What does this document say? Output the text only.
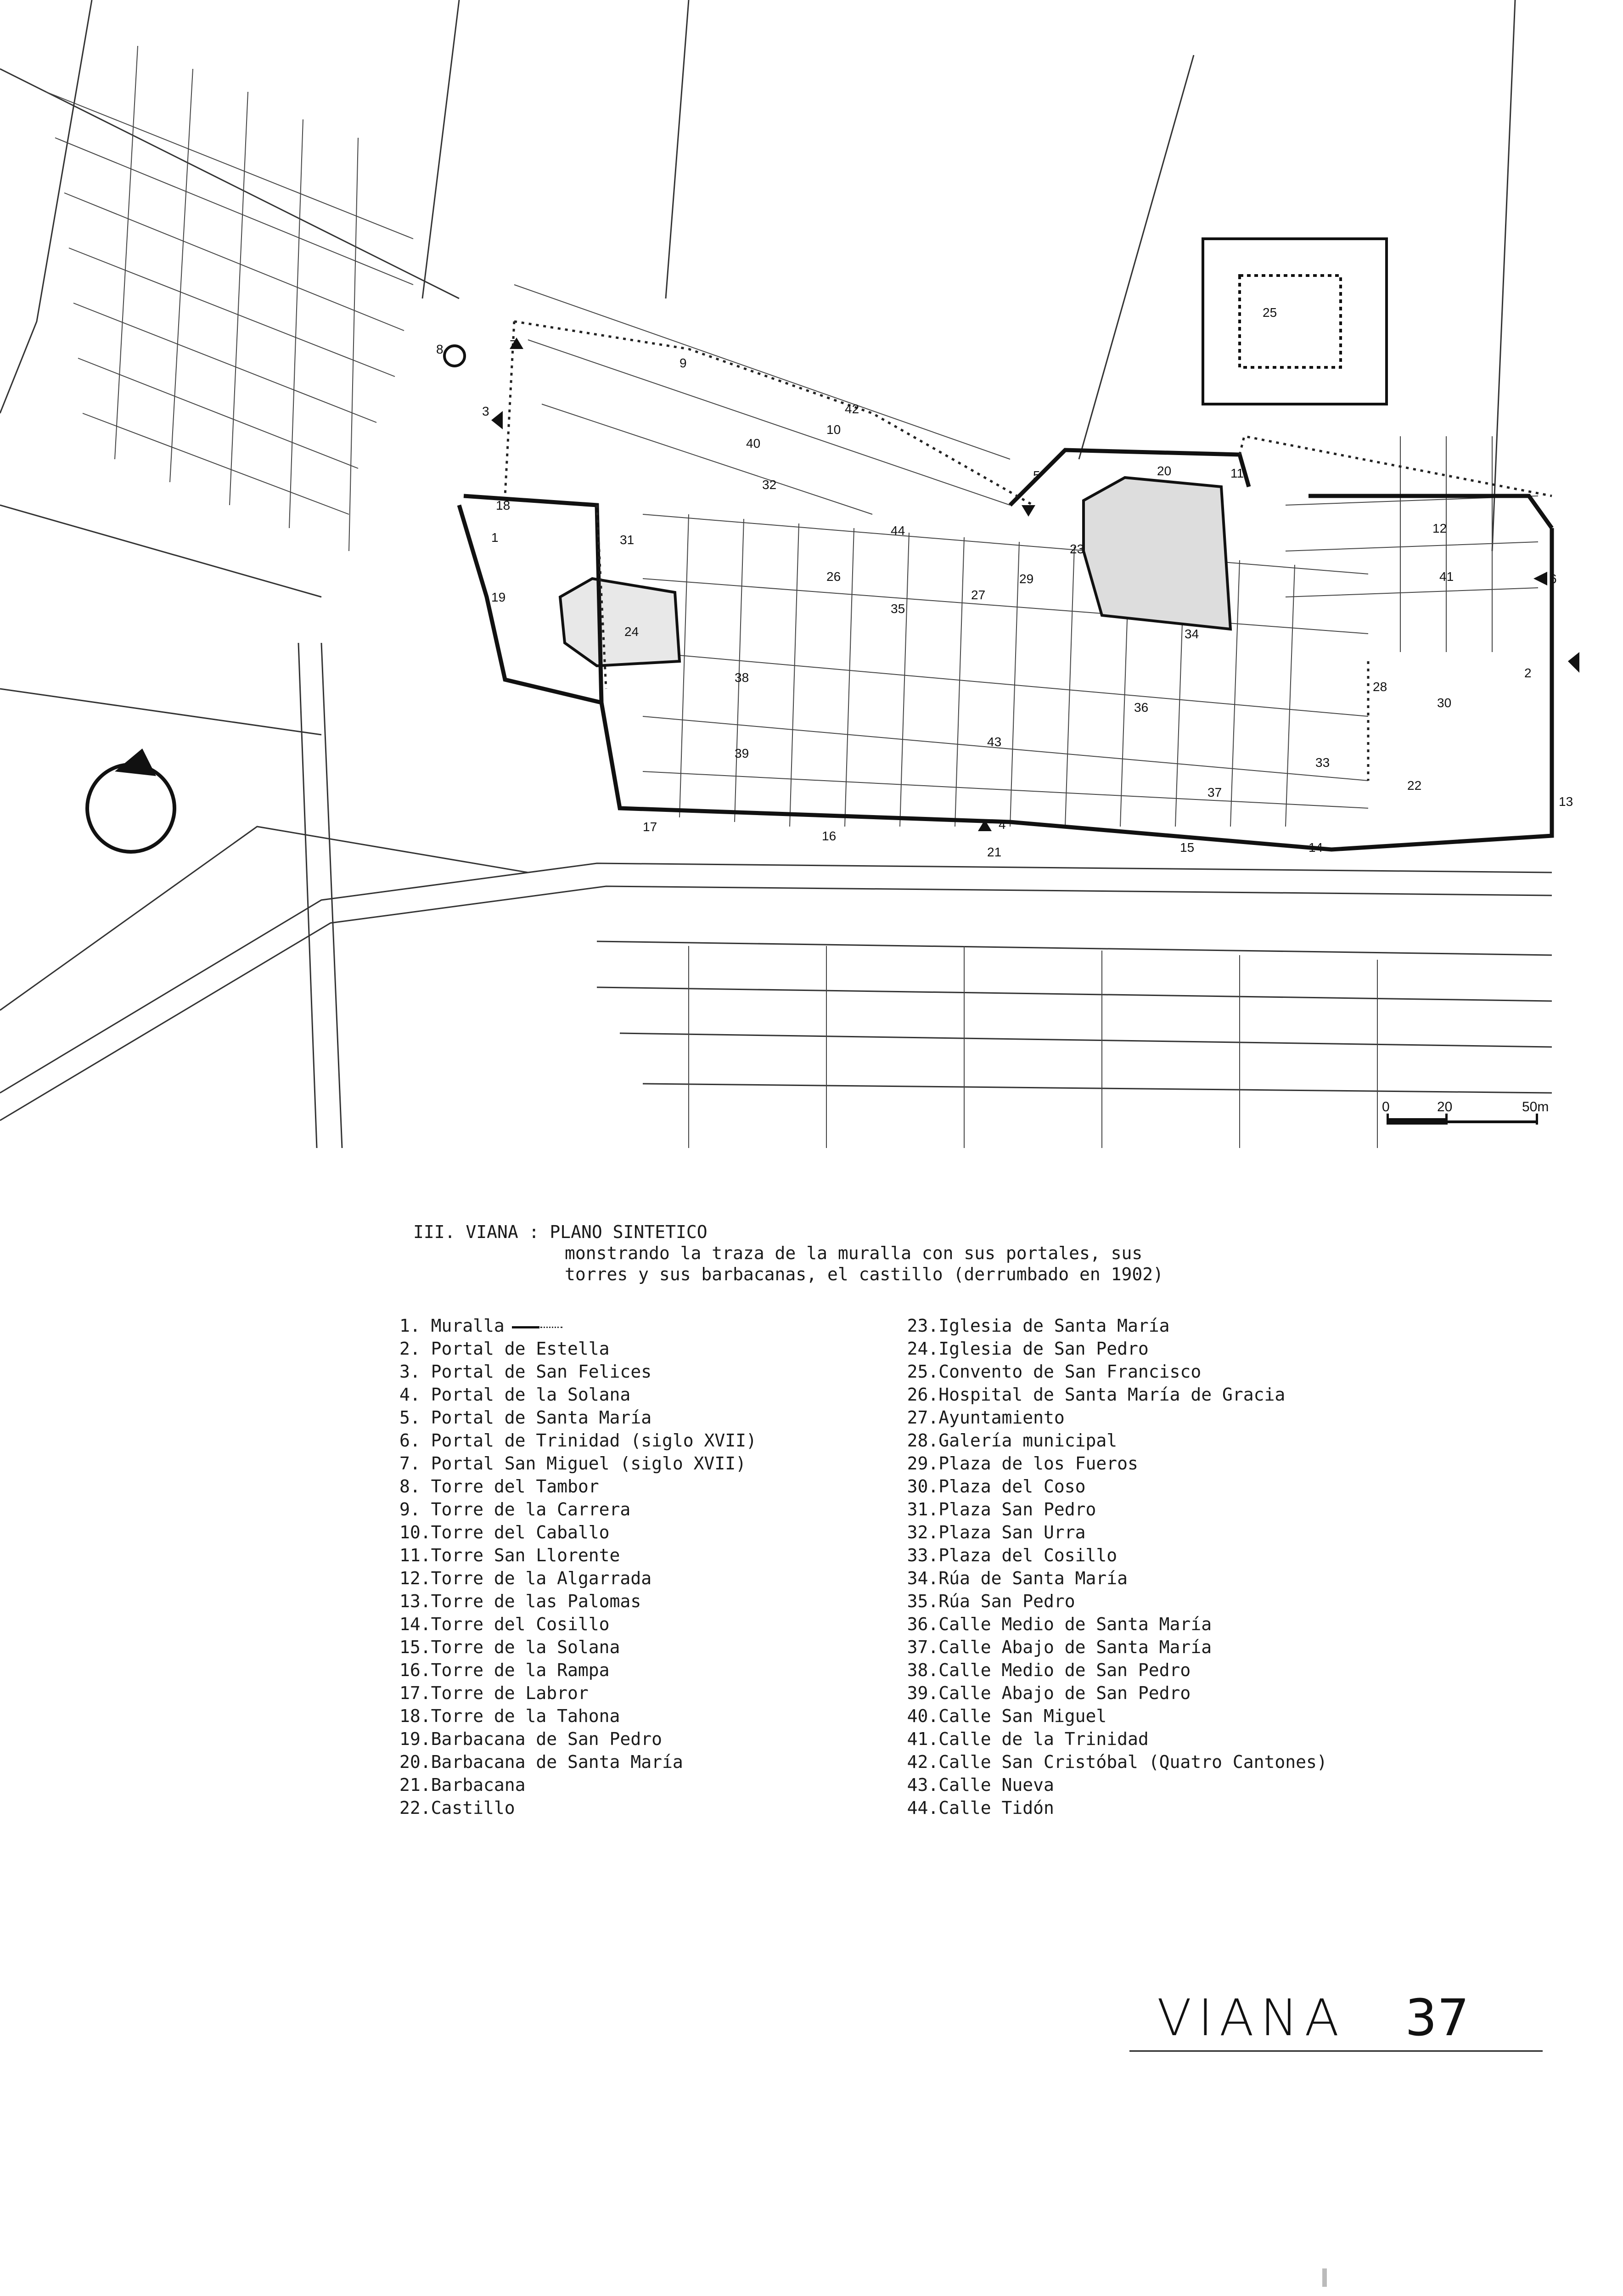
1
2
3
4
5
6
7
8
9
10
11
12
13
14
15
16
17
18
19
20
21
22
23
24
25
26
27
28
29
30
31
32
33
34
35
36
37
38
39
40
41
42
43
44
0	20	50m
III. VIANA : PLANO SINTETICO
monstrando la traza de la muralla con sus portales, sus
torres y sus barbacanas, el castillo (derrumbado en 1902)
1. Muralla
2. Portal de Estella
3. Portal de San Felices
4. Portal de la Solana
5. Portal de Santa María
6. Portal de Trinidad (siglo XVII)
7. Portal San Miguel (siglo XVII)
8. Torre del Tambor
9. Torre de la Carrera
10.Torre del Caballo
11.Torre San Llorente
12.Torre de la Algarrada
13.Torre de las Palomas
14.Torre del Cosillo
15.Torre de la Solana
16.Torre de la Rampa
17.Torre de Labror
18.Torre de la Tahona
19.Barbacana de San Pedro
20.Barbacana de Santa María
21.Barbacana
22.Castillo
23.Iglesia de Santa María
24.Iglesia de San Pedro
25.Convento de San Francisco
26.Hospital de Santa María de Gracia
27.Ayuntamiento
28.Galería municipal
29.Plaza de los Fueros
30.Plaza del Coso
31.Plaza San Pedro
32.Plaza San Urra
33.Plaza del Cosillo
34.Rúa de Santa María
35.Rúa San Pedro
36.Calle Medio de Santa María
37.Calle Abajo de Santa María
38.Calle Medio de San Pedro
39.Calle Abajo de San Pedro
40.Calle San Miguel
41.Calle de la Trinidad
42.Calle San Cristóbal (Quatro Cantones)
43.Calle Nueva
44.Calle Tidón
VIANA 37
